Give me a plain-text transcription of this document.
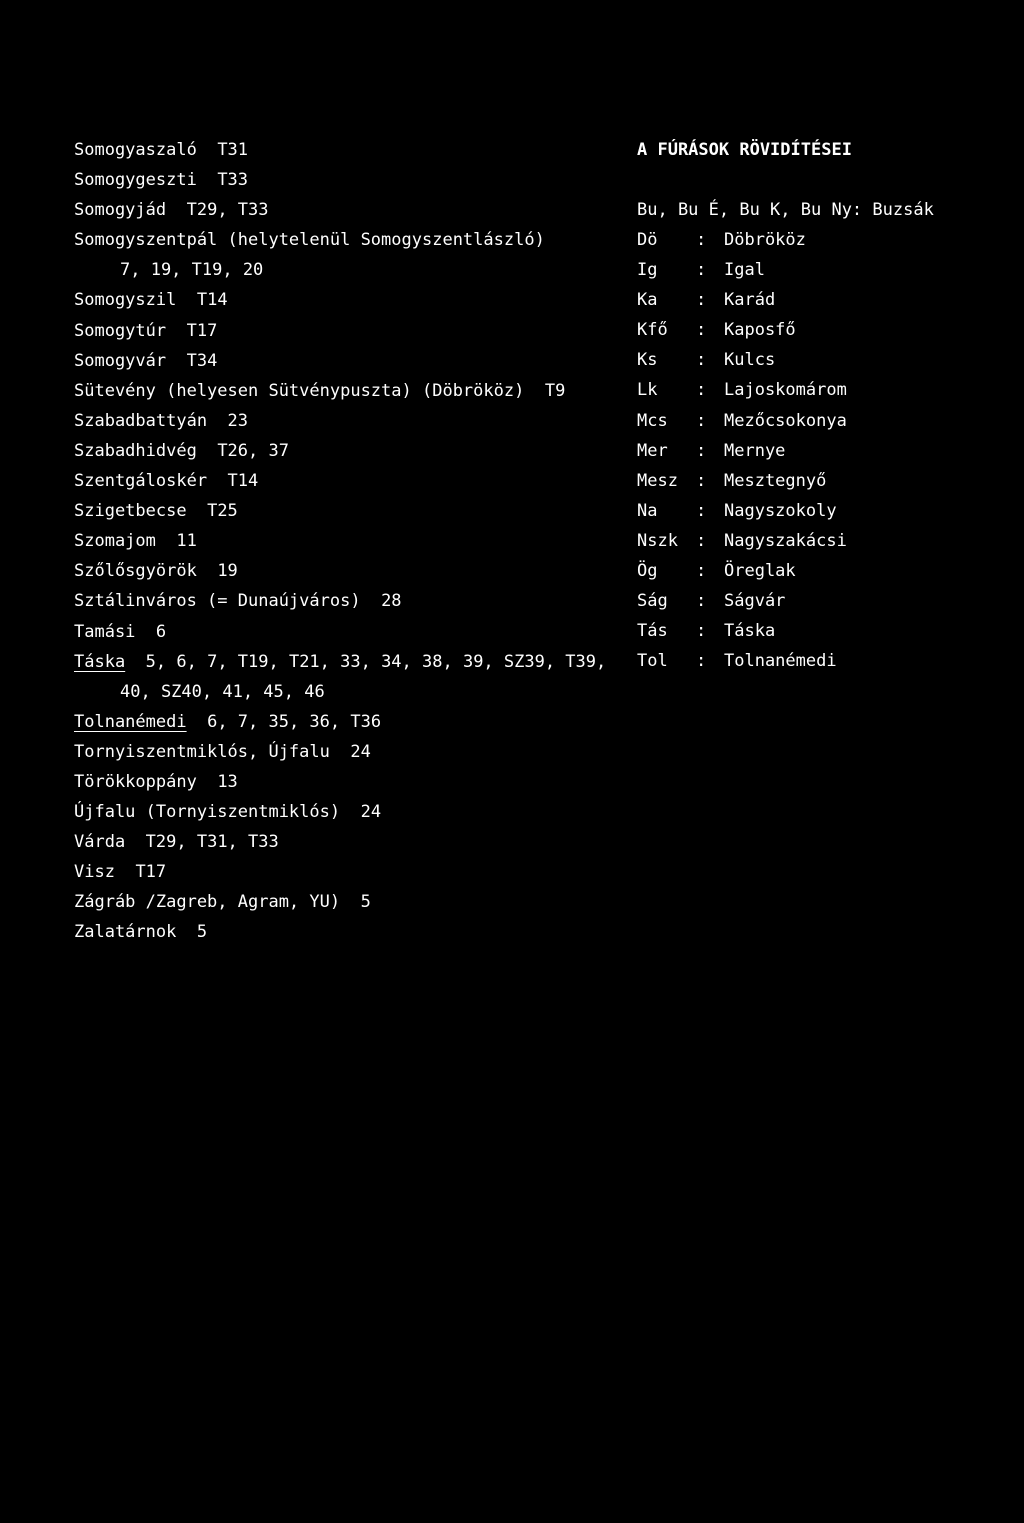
Somogyaszaló T31
Somogygeszti T33
Somogyjád T29, T33
Somogyszentpál (helytelenül Somogyszentlászló)
7, 19, T19, 20
Somogyszil T14
Somogytúr T17
Somogyvár T34
Sütevény (helyesen Sütvénypuszta) (Döbrököz) T9
Szabadbattyán 23
Szabadhidvég T26, 37
Szentgáloskér T14
Szigetbecse T25
Szomajom 11
Szőlősgyörök 19
Sztálinváros (= Dunaújváros) 28
Tamási 6
Táska 5, 6, 7, T19, T21, 33, 34, 38, 39, SZ39, T39,
40, SZ40, 41, 45, 46
Tolnanémedi 6, 7, 35, 36, T36
Tornyiszentmiklós, Újfalu 24
Törökkoppány 13
Újfalu (Tornyiszentmiklós) 24
Várda T29, T31, T33
Visz T17
Zágráb /Zagreb, Agram, YU) 5
Zalatárnok 5
A FÚRÁSOK RÖVIDÍTÉSEI
Bu, Bu É, Bu K, Bu Ny: Buzsák
Dö	:	Döbrököz
Ig	:	Igal
Ka	:	Karád
Kfő	:	Kaposfő
Ks	:	Kulcs
Lk	:	Lajoskomárom
Mcs	:	Mezőcsokonya
Mer	:	Mernye
Mesz	:	Mesztegnyő
Na	:	Nagyszokoly
Nszk	:	Nagyszakácsi
Ög	:	Öreglak
Ság	:	Ságvár
Tás	:	Táska
Tol	:	Tolnanémedi
